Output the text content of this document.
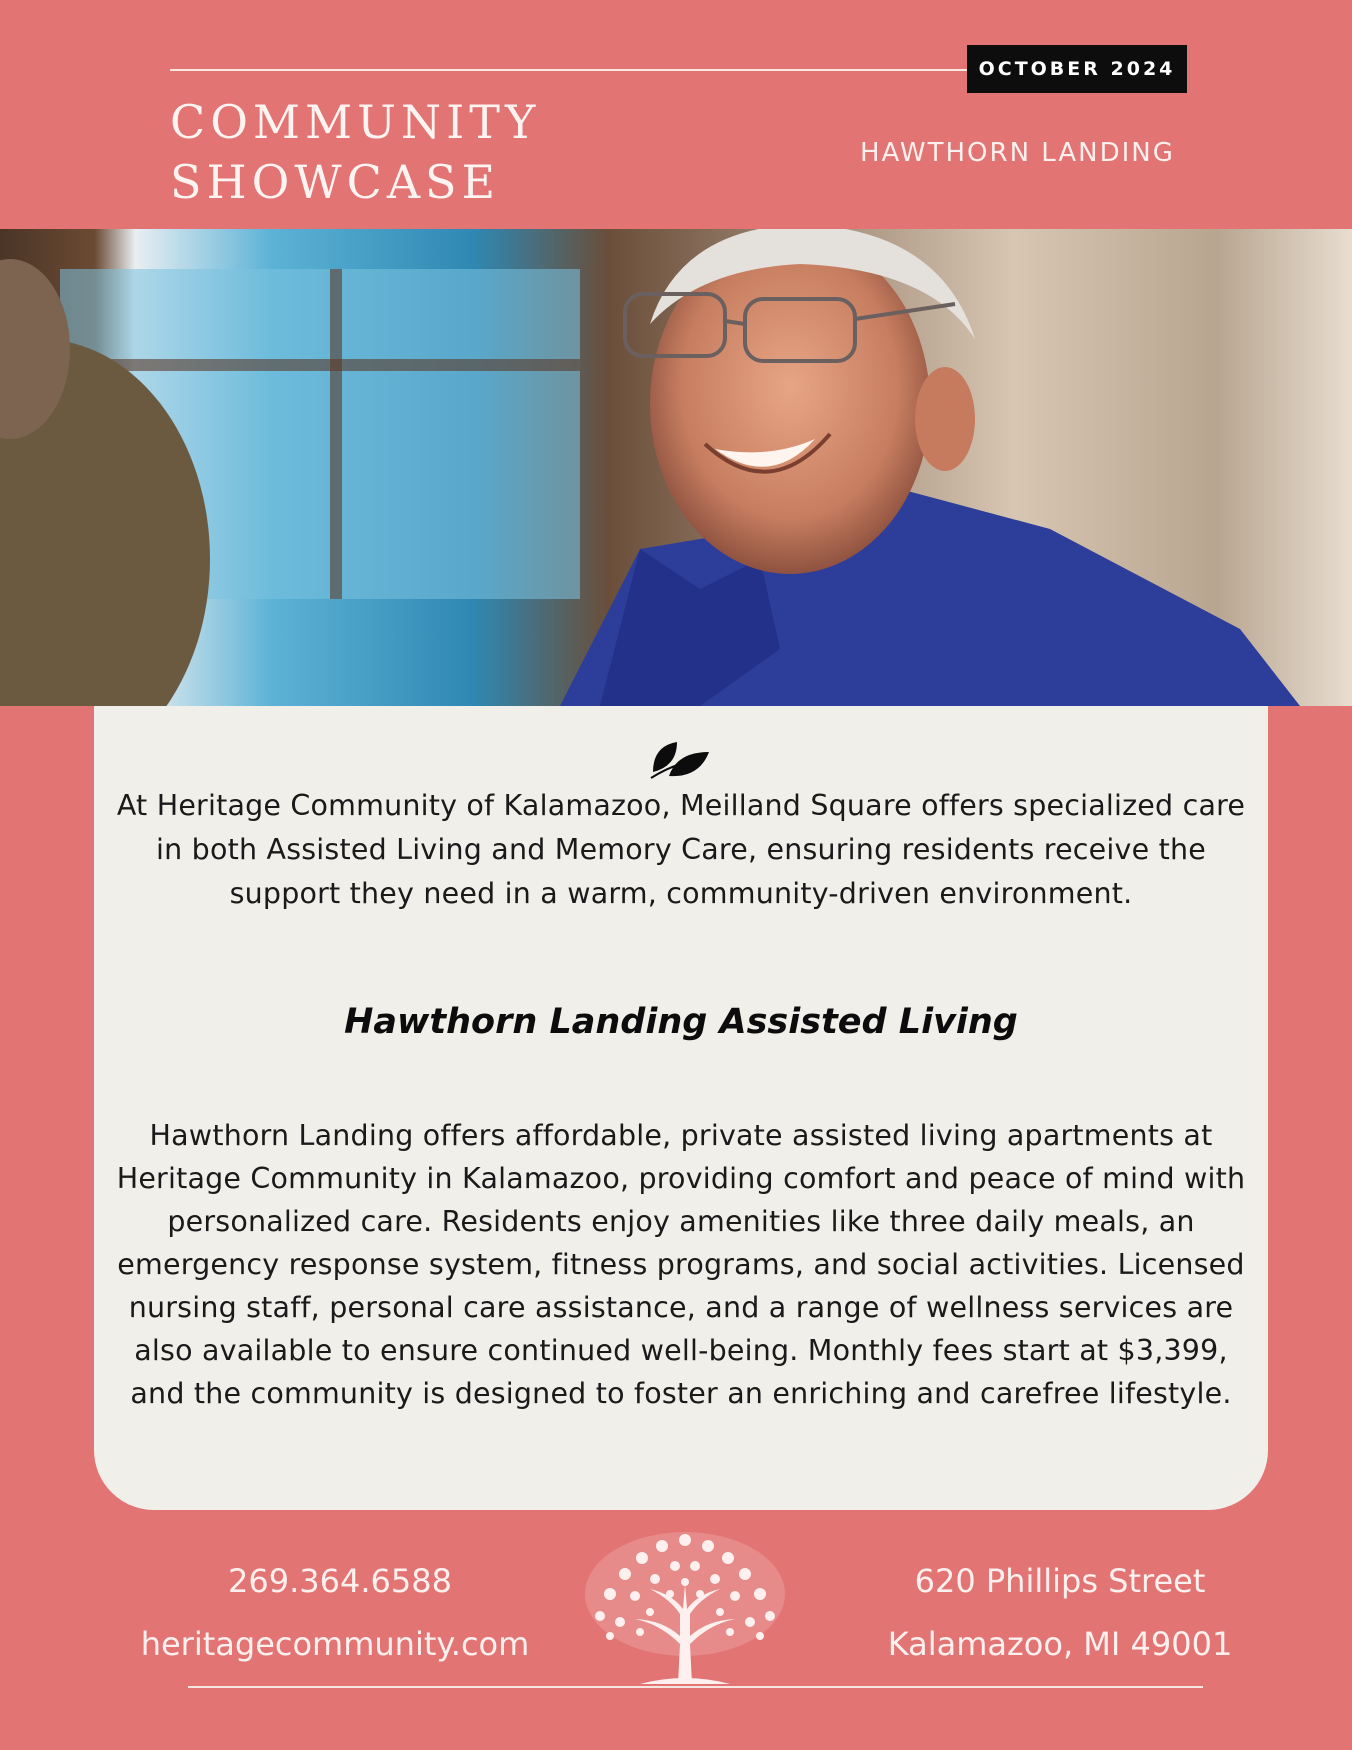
OCTOBER 2024
community
showcase	HAWTHORN LANDING

At Heritage Community of Kalamazoo, Meilland Square offers specialized care in both Assisted Living and Memory Care, ensuring residents receive the support they need in a warm, community-driven environment.

Hawthorn Landing Assisted Living

Hawthorn Landing offers affordable, private assisted living apartments at Heritage Community in Kalamazoo, providing comfort and peace of mind with personalized care. Residents enjoy amenities like three daily meals, an emergency response system, fitness programs, and social activities. Licensed nursing staff, personal care assistance, and a range of wellness services are also available to ensure continued well-being. Monthly fees start at $3,399, and the community is designed to foster an enriching and carefree lifestyle.

269.364.6588
heritagecommunity.com
620 Phillips Street
Kalamazoo, MI 49001
